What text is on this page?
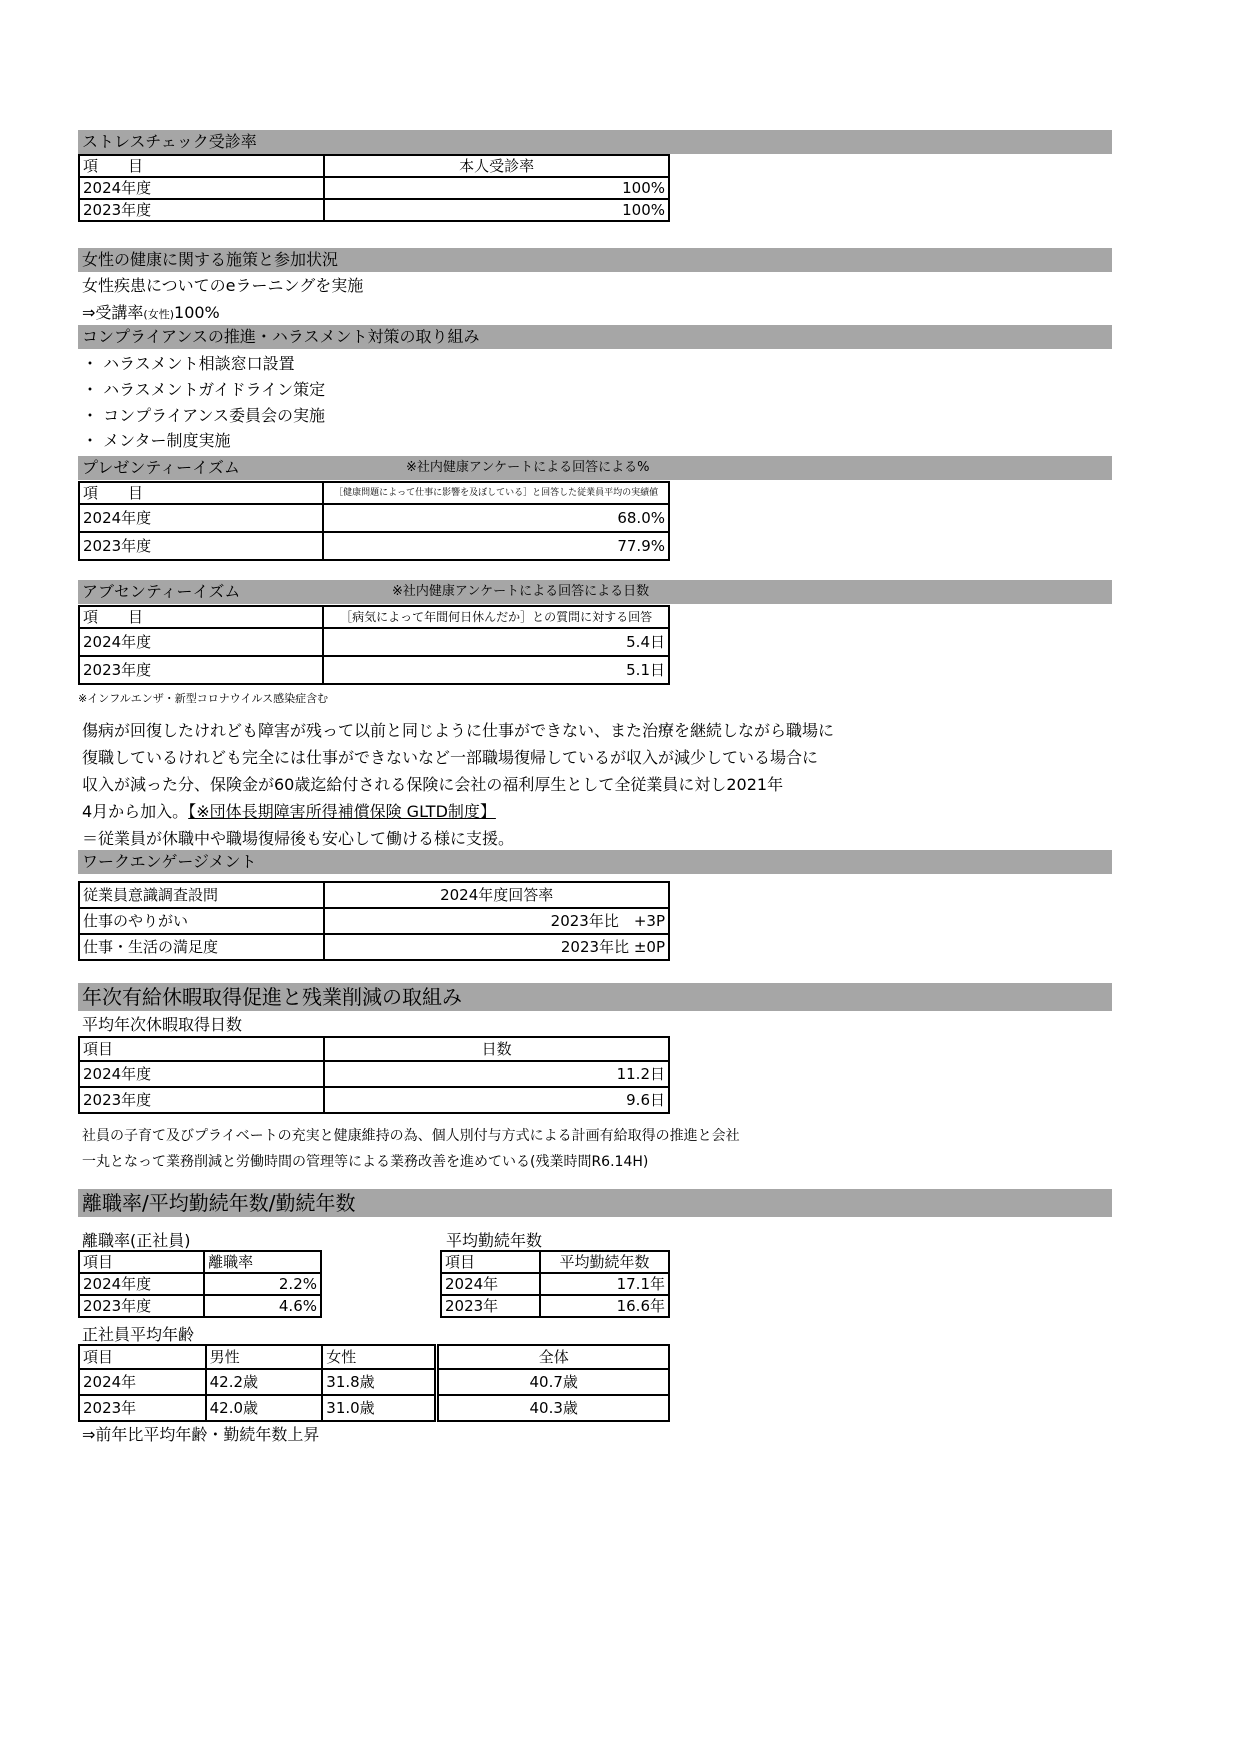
ストレスチェック受診率
項　　目	本人受診率
2024年度	100%
2023年度	100%
女性の健康に関する施策と参加状況
女性疾患についてのeラーニングを実施
⇒受講率(女性)100%
コンプライアンスの推進・ハラスメント対策の取り組み
・ ハラスメント相談窓口設置
・ ハラスメントガイドライン策定
・ コンプライアンス委員会の実施
・ メンター制度実施
プレゼンティーイズム	※社内健康アンケートによる回答による%
項　　目	［健康問題によって仕事に影響を及ぼしている］と回答した従業員平均の実績値
2024年度	68.0%
2023年度	77.9%
アブセンティーイズム	※社内健康アンケートによる回答による日数
項　　目	［病気によって年間何日休んだか］との質問に対する回答
2024年度	5.4日
2023年度	5.1日
※インフルエンザ・新型コロナウイルス感染症含む
傷病が回復したけれども障害が残って以前と同じように仕事ができない、また治療を継続しながら職場に
復職しているけれども完全には仕事ができないなど一部職場復帰しているが収入が減少している場合に
収入が減った分、保険金が60歳迄給付される保険に会社の福利厚生として全従業員に対し2021年
4月から加入。【※団体長期障害所得補償保険 GLTD制度】
＝従業員が休職中や職場復帰後も安心して働ける様に支援。
ワークエンゲージメント
従業員意識調査設問	2024年度回答率
仕事のやりがい	2023年比　+3P
仕事・生活の満足度	2023年比 ±0P
年次有給休暇取得促進と残業削減の取組み
平均年次休暇取得日数
項目	日数
2024年度	11.2日
2023年度	9.6日
社員の子育て及びプライベートの充実と健康維持の為、個人別付与方式による計画有給取得の推進と会社
一丸となって業務削減と労働時間の管理等による業務改善を進めている(残業時間R6.14H)
離職率/平均勤続年数/勤続年数
離職率(正社員)
項目	離職率
2024年度	2.2%
2023年度	4.6%
平均勤続年数
項目	平均勤続年数
2024年	17.1年
2023年	16.6年
正社員平均年齢
項目	男性	女性	全体
2024年	42.2歳	31.8歳	40.7歳
2023年	42.0歳	31.0歳	40.3歳
⇒前年比平均年齢・勤続年数上昇
